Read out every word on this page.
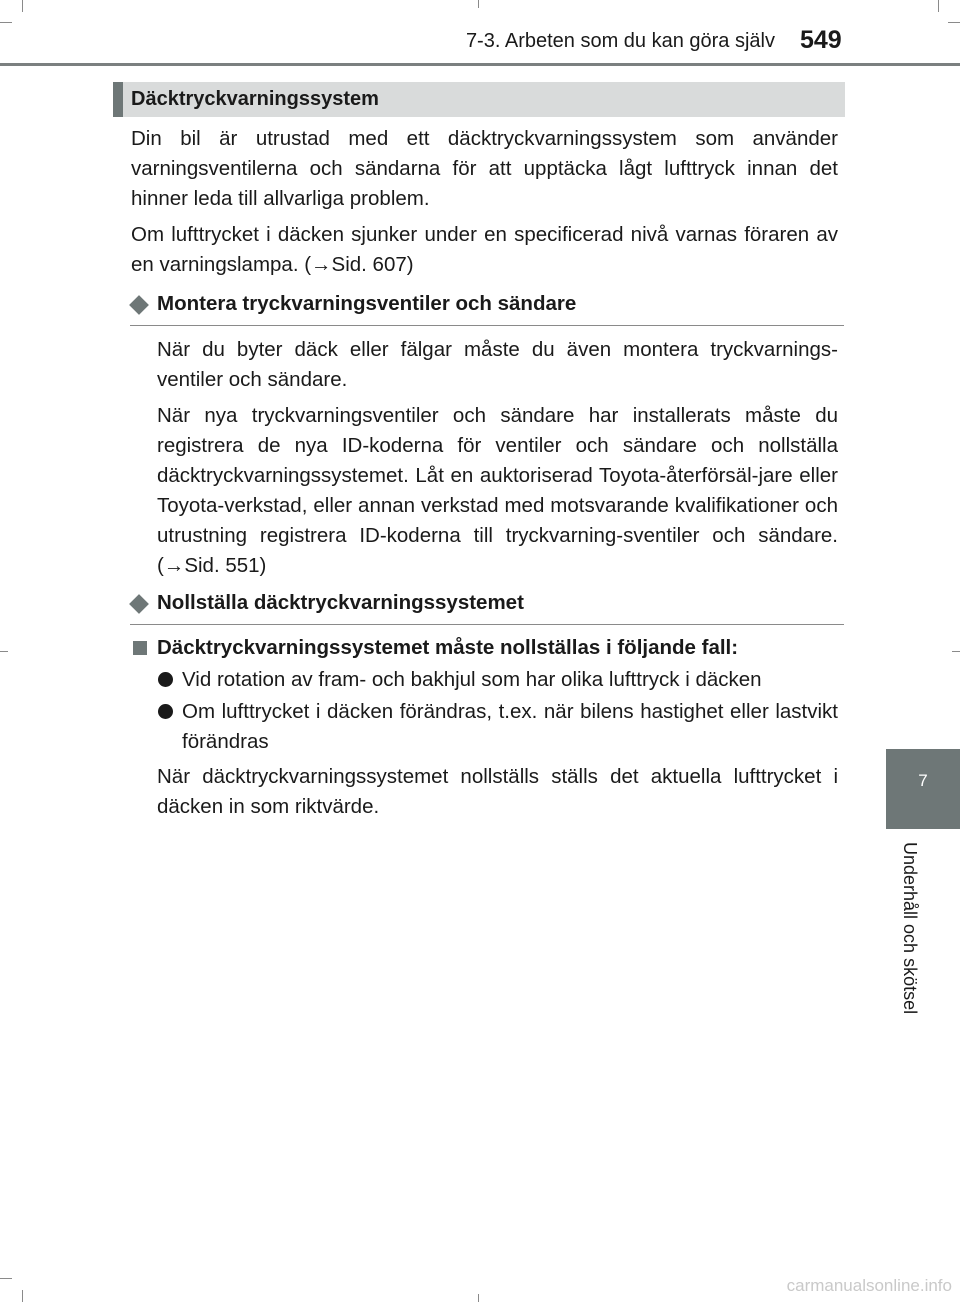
7-3. Arbeten som du kan göra själv 549
7
Underhåll och skötsel
Däcktryckvarningssystem

Din bil är utrustad med ett däcktryckvarningssystem som använder varningsventilerna och sändarna för att upptäcka lågt lufttryck innan det hinner leda till allvarliga problem.

Om lufttrycket i däcken sjunker under en specificerad nivå varnas föraren av en varningslampa. (→Sid. 607)

Montera tryckvarningsventiler och sändare

När du byter däck eller fälgar måste du även montera tryckvarnings-ventiler och sändare.

När nya tryckvarningsventiler och sändare har installerats måste du registrera de nya ID-koderna för ventiler och sändare och nollställa däcktryckvarningssystemet. Låt en auktoriserad Toyota-återförsäl-jare eller Toyota-verkstad, eller annan verkstad med motsvarande kvalifikationer och utrustning registrera ID-koderna till tryckvarning-sventiler och sändare. (→Sid. 551)

Nollställa däcktryckvarningssystemet

Däcktryckvarningssystemet måste nollställas i följande fall:

Vid rotation av fram- och bakhjul som har olika lufttryck i däcken

Om lufttrycket i däcken förändras, t.ex. när bilens hastighet eller lastvikt förändras

När däcktryckvarningssystemet nollställs ställs det aktuella lufttrycket i däcken in som riktvärde.

carmanualsonline.info
